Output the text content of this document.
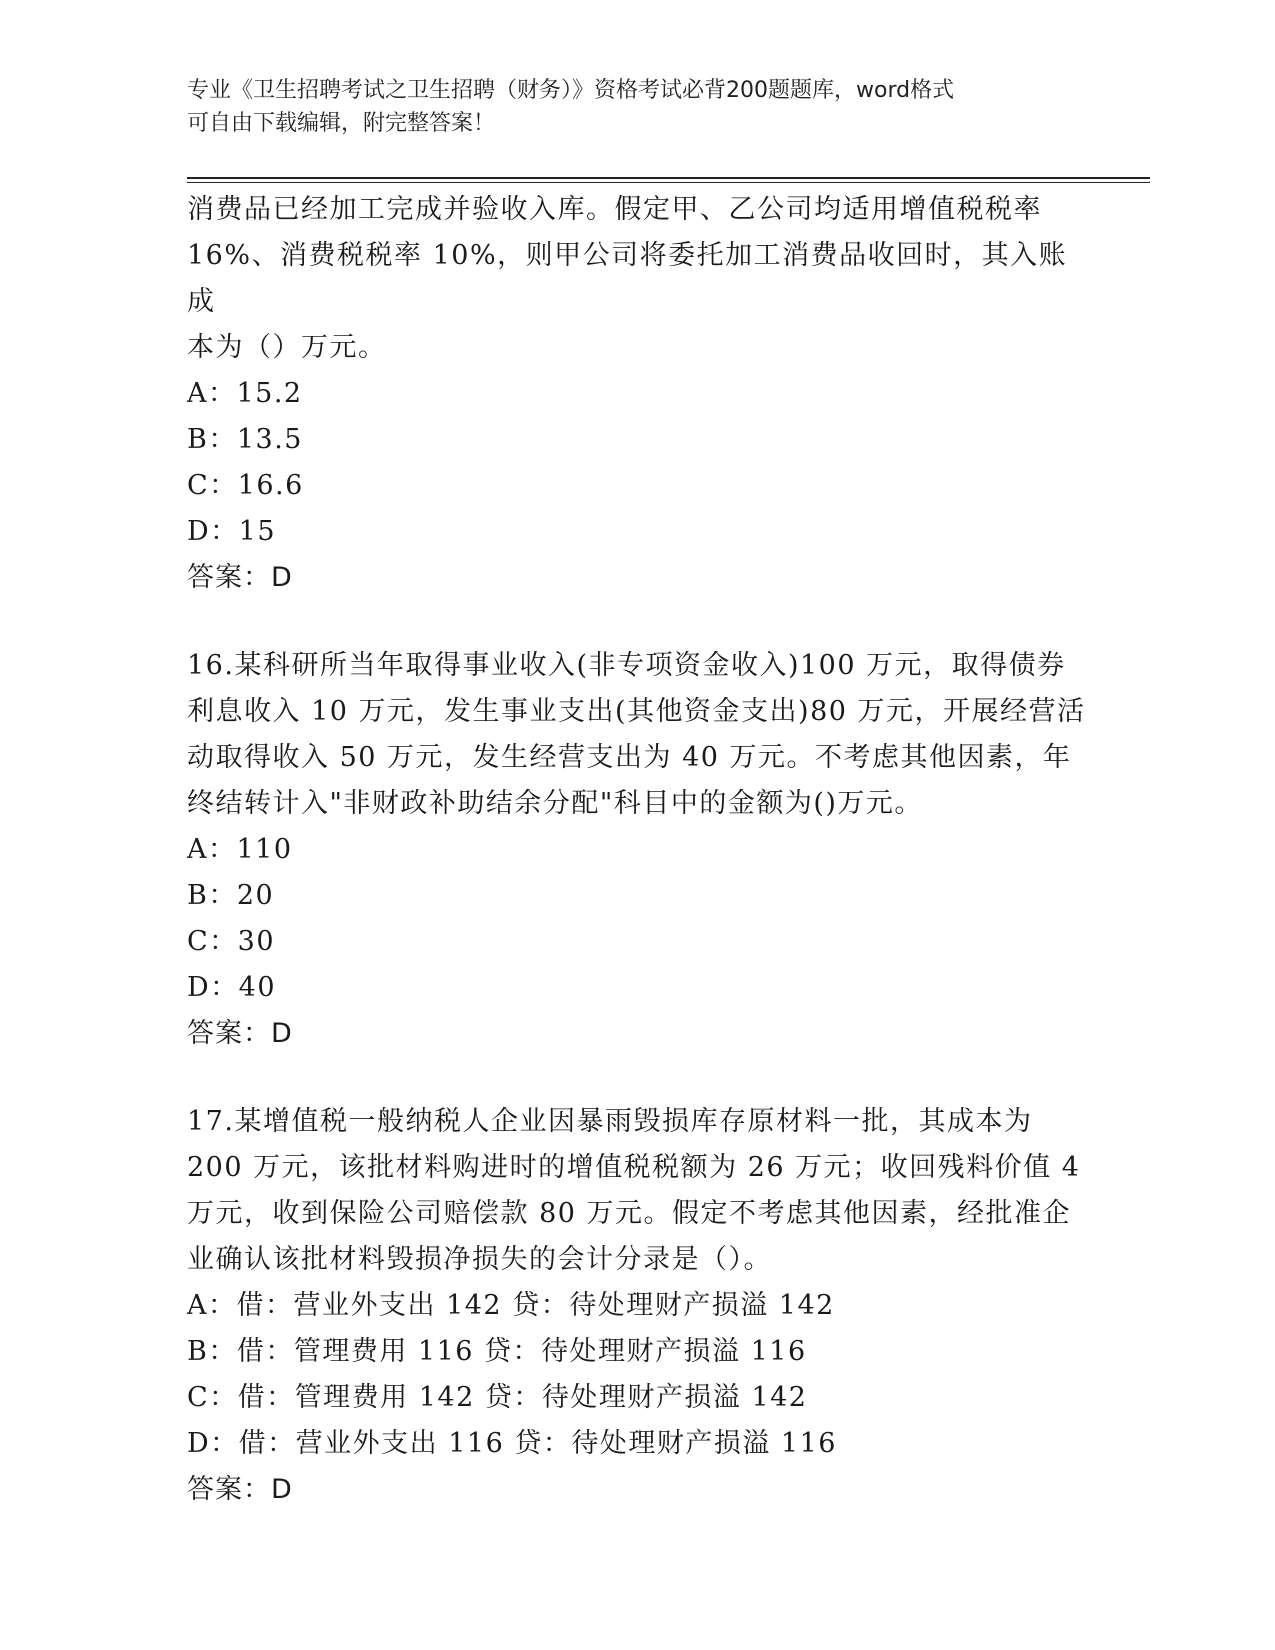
专业《卫生招聘考试之卫生招聘（财务）》资格考试必背200题题库，word格式
可自由下载编辑，附完整答案！

消费品已经加工完成并验收入库。假定甲、乙公司均适用增值税税率

16%、消费税税率 10%，则甲公司将委托加工消费品收回时，其入账成

本为（）万元。

A：15.2

B：13.5

C：16.6

D：15

答案：D

16.某科研所当年取得事业收入(非专项资金收入)100 万元，取得债券

利息收入 10 万元，发生事业支出(其他资金支出)80 万元，开展经营活

动取得收入 50 万元，发生经营支出为 40 万元。不考虑其他因素，年

终结转计入"非财政补助结余分配"科目中的金额为()万元。

A：110

B：20

C：30

D：40

答案：D

17.某增值税一般纳税人企业因暴雨毁损库存原材料一批，其成本为

200 万元，该批材料购进时的增值税税额为 26 万元；收回残料价值 4

万元，收到保险公司赔偿款 80 万元。假定不考虑其他因素，经批准企

业确认该批材料毁损净损失的会计分录是（）。

A：借：营业外支出 142 贷：待处理财产损溢 142

B：借：管理费用 116 贷：待处理财产损溢 116

C：借：管理费用 142 贷：待处理财产损溢 142

D：借：营业外支出 116 贷：待处理财产损溢 116

答案：D
